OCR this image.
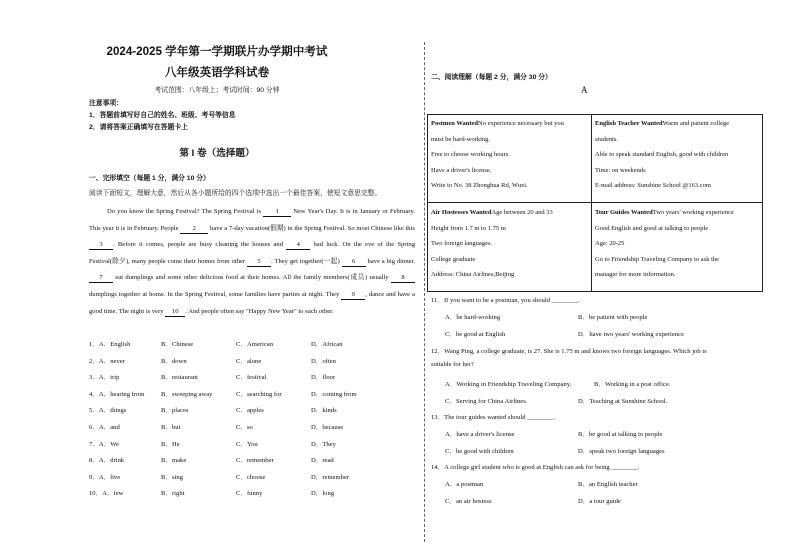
2024-2025 学年第一学期联片办学期中考试
八年级英语学科试卷
考试范围：八年级上；考试时间：90 分钟
注意事项：
1．答题前填写好自己的姓名、班级、考号等信息
2．请将答案正确填写在答题卡上
第 I 卷（选择题）
一、完形填空（每题 1 分，满分 10 分）
阅读下面短文，理解大意，然后从各小题所给的四个选项中选出一个最佳答案，使短文意思完整。
Do you know the Spring Festival? The Spring Festival is 1 New Year's Day. It is in January or February. This year it is in February. People 2 have a 7-day vacation(假期) in the Spring Festival. So most Chinese like this 3 . Before it comes, people are busy cleaning the houses and 4 bad luck. On the eve of the Spring Festival(除夕), many people come their homes from other 5 . They get together(一起) 6 have a big dinner. 7 eat dumplings and some other delicious food at their homes. All the family members(成员) usually 8 dumplings together at home. In the Spring Festival, some families have parties at night. They 9 , dance and have a good time. The night is very 10 . And people often say "Happy New Year" to each other.
1．A．English	B．Chinese	C．American	D．African
2．A．never	B．down	C．alone	D．often
3．A．trip	B．restaurant	C．festival	D．floor
4．A．hearing from	B．sweeping away	C．searching for	D．coming from
5．A．things	B．places	C．apples	D．kinds
6．A．and	B．but	C．so	D．because
7．A．We	B．He	C．You	D．They
8．A．drink	B．make	C．remember	D．read
9．A．live	B．sing	C．choose	D．remember
10．A．few	B．right	C．funny	D．long
二、阅读理解（每题 2 分，满分 30 分）
A
Postmen WantedNo experience necessary but you
must be hard-working.
Free to choose working hours.
Have a driver's license.
Write to No. 38 Zhonghua Rd, Wuxi.
English Teacher WantedWarm and patient college
students.
Able to speak standard English, good with children
Time: on weekends
E-mail address: Sunshine School @163.com
Air Hostesses WantedAge between 20 and 33
Height from 1.7 m to 1.75 m
Two foreign languages.
College graduate
Address: China Airlines,Beijing
Tour Guides WantedTwo years' working experience
Good English and good at talking to people
Age: 20-25
Go to Friendship Traveling Company to ask the
manager for more information.
11．If you want to be a postman, you should ________.
A．be hard-working	B．be patient with people
C．be good at English	D．have two years' working experience
12．Wang Ping, a college graduate, is 27. She is 1.75 m and knows two foreign languages. Which job is
suitable for her?
A．Working in Friendship Traveling Company.	B．Working in a post office.
C．Serving for China Airlines.	D．Teaching at Sunshine School.
13．The tour guides wanted should ________.
A．have a driver's license	B．be good at talking to people
C．be good with children	D．speak two foreign languages
14．A college girl student who is good at English can ask for being ________.
A．a postman	B．an English teacher
C．an air hostess	D．a tour guide
